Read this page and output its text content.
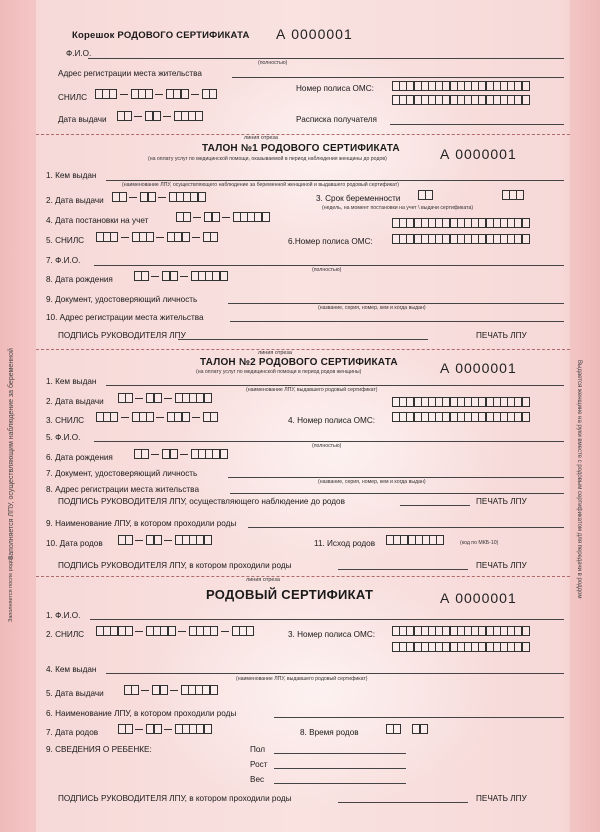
Заполняется ЛПУ, осуществляющим наблюдение за беременной
Заполняется после родов	Выдается женщине на руки вместе с родовым сертификатом для передачи в роддом
Корешок РОДОВОГО СЕРТИФИКАТА А 0000001
Ф.И.О.
(полностью)
Адрес регистрации места жительства
СНИЛС
Номер полиса ОМС:
Дата выдачи	Расписка получателя
линия отреза
ТАЛОН №1 РОДОВОГО СЕРТИФИКАТА
(на оплату услуг по медицинской помощи, оказываемой в период наблюдения женщины до родов)	А 0000001
1. Кем выдан
(наименование ЛПУ, осуществляющего наблюдение за беременной женщиной и выдавшего родовый сертификат)
2. Дата выдачи	3. Срок беременности
(недель, на момент постановки на учет \ выдачи сертификата)
4. Дата постановки на учет
5. СНИЛС	6.Номер полиса ОМС:
7. Ф.И.О.
(полностью)
8. Дата рождения
9. Документ, удостоверяющий личность
(название, серия, номер, кем и когда выдан)
10. Адрес регистрации места жительства
ПОДПИСЬ РУКОВОДИТЕЛЯ ЛПУ	ПЕЧАТЬ ЛПУ
линия отреза
ТАЛОН №2 РОДОВОГО СЕРТИФИКАТА
(на оплату услуг по медицинской помощи в период родов женщины)	А 0000001
1. Кем выдан
(наименование ЛПУ, выдавшего родовый сертификат)
2. Дата выдачи
3. СНИЛС	4. Номер полиса ОМС:
5. Ф.И.О.
(полностью)
6. Дата рождения
7. Документ, удостоверяющий личность
(название, серия, номер, кем и когда выдан)
8. Адрес регистрации места жительства
ПОДПИСЬ РУКОВОДИТЕЛЯ ЛПУ, осуществляющего наблюдение до родов	ПЕЧАТЬ ЛПУ
9. Наименование ЛПУ, в котором проходили роды
10. Дата родов	11. Исход родов	(код по МКБ-10)
ПОДПИСЬ РУКОВОДИТЕЛЯ ЛПУ, в котором проходили роды	ПЕЧАТЬ ЛПУ
линия отреза
РОДОВЫЙ СЕРТИФИКАТ	А 0000001
1. Ф.И.О.
2. СНИЛС	3. Номер полиса ОМС:
4. Кем выдан
(наименование ЛПУ, выдавшего родовый сертификат)
5. Дата выдачи
6. Наименование ЛПУ, в котором проходили роды
7. Дата родов	8. Время родов
9. СВЕДЕНИЯ О РЕБЕНКЕ:	Пол
Рост
Вес
ПОДПИСЬ РУКОВОДИТЕЛЯ ЛПУ, в котором проходили роды	ПЕЧАТЬ ЛПУ
